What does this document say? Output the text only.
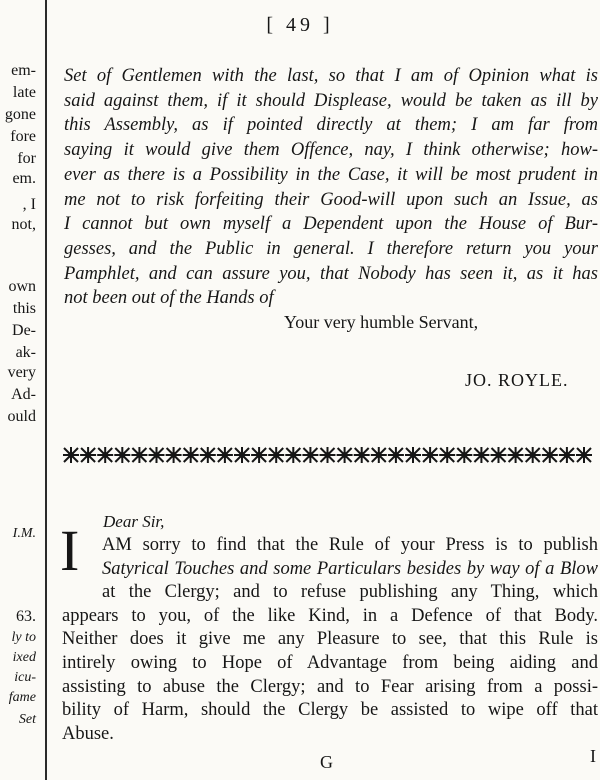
em-
late
gone
fore
for
em.
, I
not,
own
this
De-
ak-
very
Ad-
ould
I.M.
63.
ly to
ixed
icu-
fame
Set
[ 49 ]
Set of Gentlemen with the last, so that I am of Opinion what is
said against them, if it should Displease, would be taken as ill by
this Assembly, as if pointed directly at them; I am far from
saying it would give them Offence, nay, I think otherwise; how-
ever as there is a Possibility in the Case, it will be most prudent in
me not to risk forfeiting their Good-will upon such an Issue, as
I cannot but own myself a Dependent upon the House of Bur-
gesses, and the Public in general. I therefore return you your
Pamphlet, and can assure you, that Nobody has seen it, as it has
not been out of the Hands of
Your very humble Servant,
JO. ROYLE.
Dear Sir,
I AM sorry to find that the Rule of your Press is to publish
Satyrical Touches and some Particulars besides by way of a Blow
at the Clergy; and to refuse publishing any Thing, which
appears to you, of the like Kind, in a Defence of that Body.
Neither does it give me any Pleasure to see, that this Rule is
intirely owing to Hope of Advantage from being aiding and
assisting to abuse the Clergy; and to Fear arising from a possi-
bility of Harm, should the Clergy be assisted to wipe off that
Abuse.
G	I
